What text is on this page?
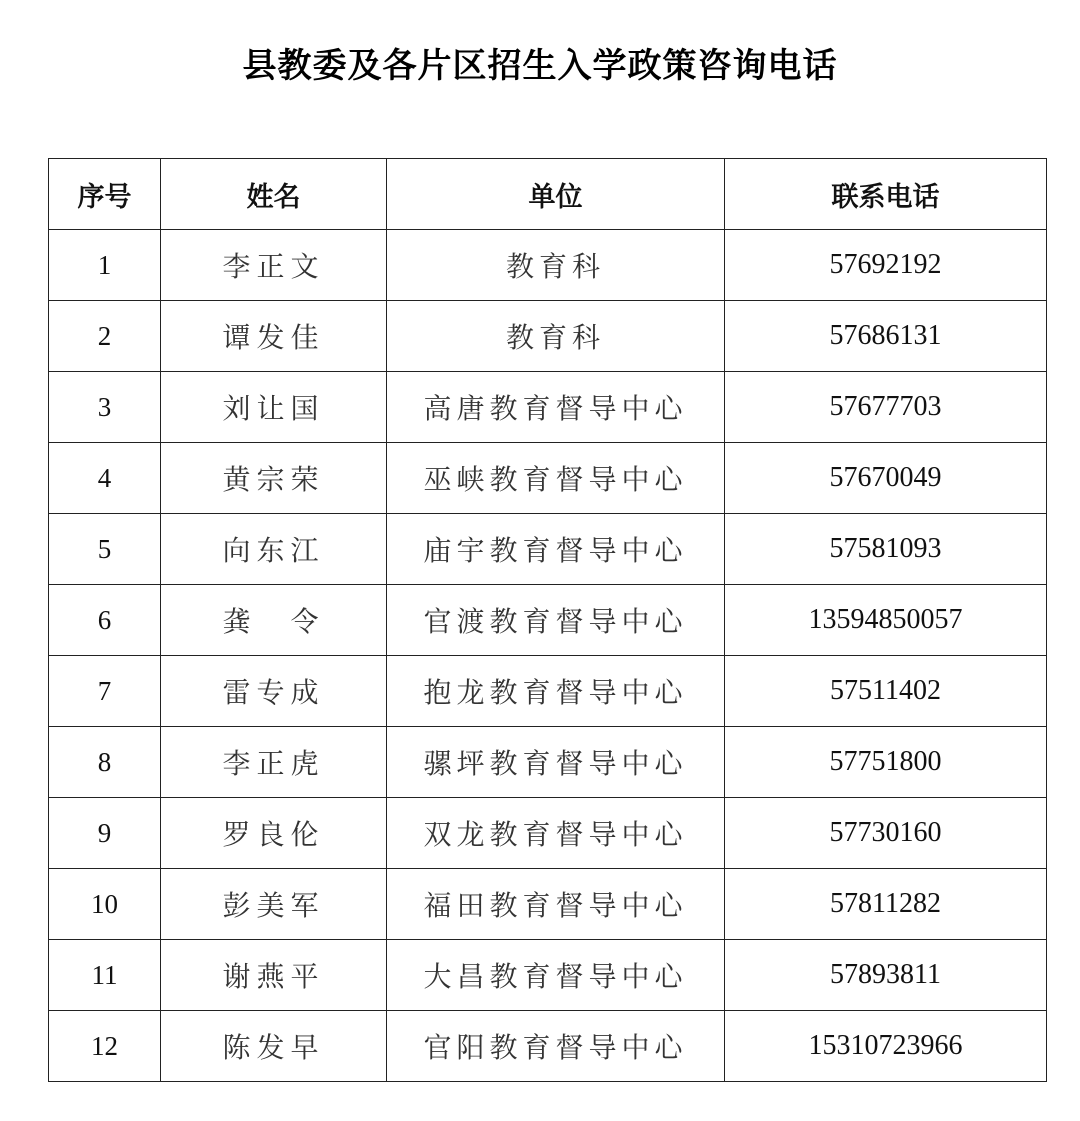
县教委及各片区招生入学政策咨询电话
序号	姓名	单位	联系电话
1	李正文	教育科	57692192
2	谭发佳	教育科	57686131
3	刘让国	高唐教育督导中心	57677703
4	黄宗荣	巫峡教育督导中心	57670049
5	向东江	庙宇教育督导中心	57581093
6	龚　令	官渡教育督导中心	13594850057
7	雷专成	抱龙教育督导中心	57511402
8	李正虎	骡坪教育督导中心	57751800
9	罗良伦	双龙教育督导中心	57730160
10	彭美军	福田教育督导中心	57811282
11	谢燕平	大昌教育督导中心	57893811
12	陈发早	官阳教育督导中心	15310723966
